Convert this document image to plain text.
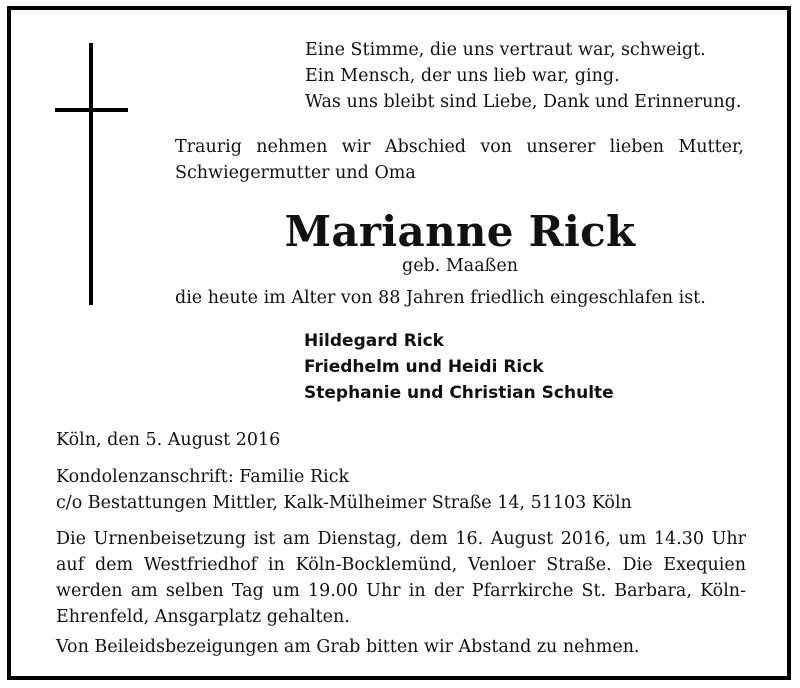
Eine Stimme, die uns vertraut war, schweigt.
Ein Mensch, der uns lieb war, ging.
Was uns bleibt sind Liebe, Dank und Erinnerung.
Traurig nehmen wir Abschied von unserer lieben Mutter, Schwiegermutter und Oma
Marianne Rick
geb. Maaßen
die heute im Alter von 88 Jahren friedlich eingeschlafen ist.
Hildegard Rick
Friedhelm und Heidi Rick
Stephanie und Christian Schulte
Köln, den 5. August 2016
Kondolenzanschrift: Familie Rick
c/o Bestattungen Mittler, Kalk-Mülheimer Straße 14, 51103 Köln
Die Urnenbeisetzung ist am Dienstag, dem 16. August 2016, um 14.30 Uhr auf dem Westfriedhof in Köln-Bocklemünd, Venloer Straße. Die Exequien werden am selben Tag um 19.00 Uhr in der Pfarrkirche St. Barbara, Köln-Ehrenfeld, Ansgarplatz gehalten.
Von Beileidsbezeigungen am Grab bitten wir Abstand zu nehmen.
